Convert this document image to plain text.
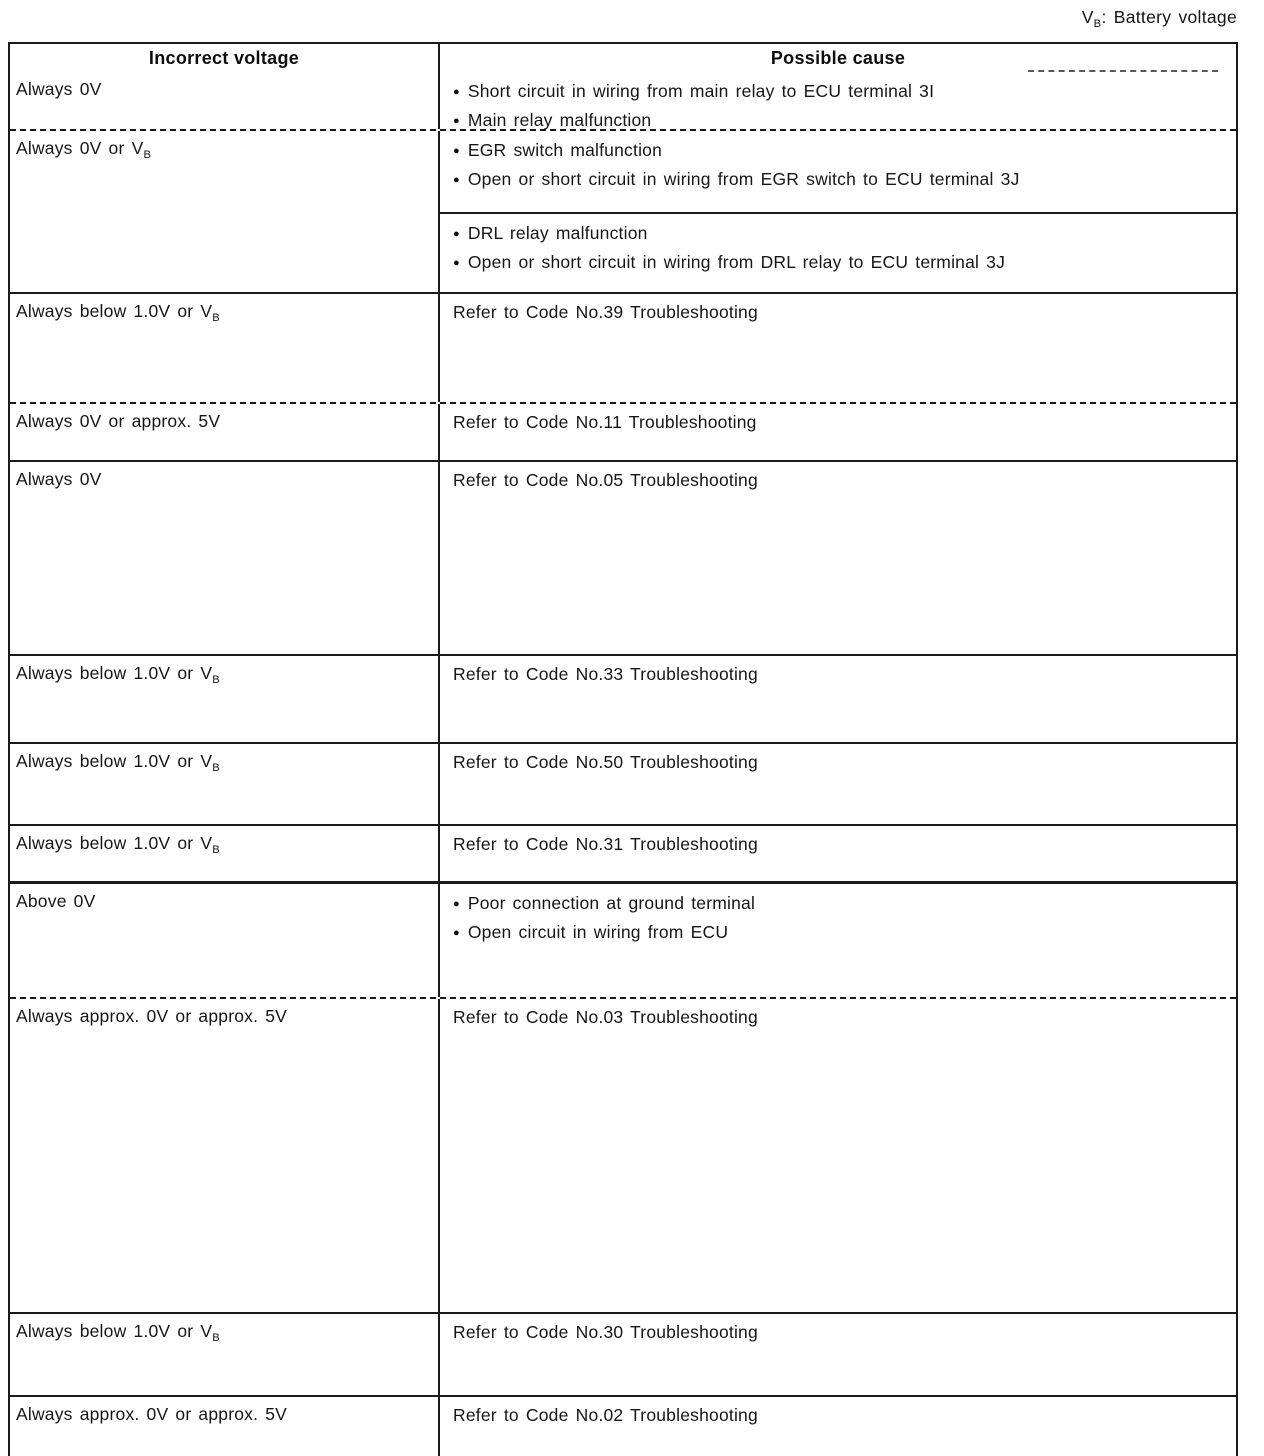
$V_B$: Battery voltage
Incorrect voltage	Possible cause
Always 0V	● Short circuit in wiring from main relay to ECU terminal 3I
● Main relay malfunction
Always 0V or $V_B$	● EGR switch malfunction
● Open or short circuit in wiring from EGR switch to ECU terminal 3J
● DRL relay malfunction
● Open or short circuit in wiring from DRL relay to ECU terminal 3J
Always below 1.0V or $V_B$	Refer to Code No.39 Troubleshooting
Always 0V or approx. 5V	Refer to Code No.11 Troubleshooting
Always 0V	Refer to Code No.05 Troubleshooting
Always below 1.0V or $V_B$	Refer to Code No.33 Troubleshooting
Always below 1.0V or $V_B$	Refer to Code No.50 Troubleshooting
Always below 1.0V or $V_B$	Refer to Code No.31 Troubleshooting
Above 0V	● Poor connection at ground terminal
● Open circuit in wiring from ECU
Always approx. 0V or approx. 5V	Refer to Code No.03 Troubleshooting
Always below 1.0V or $V_B$	Refer to Code No.30 Troubleshooting
Always approx. 0V or approx. 5V	Refer to Code No.02 Troubleshooting
